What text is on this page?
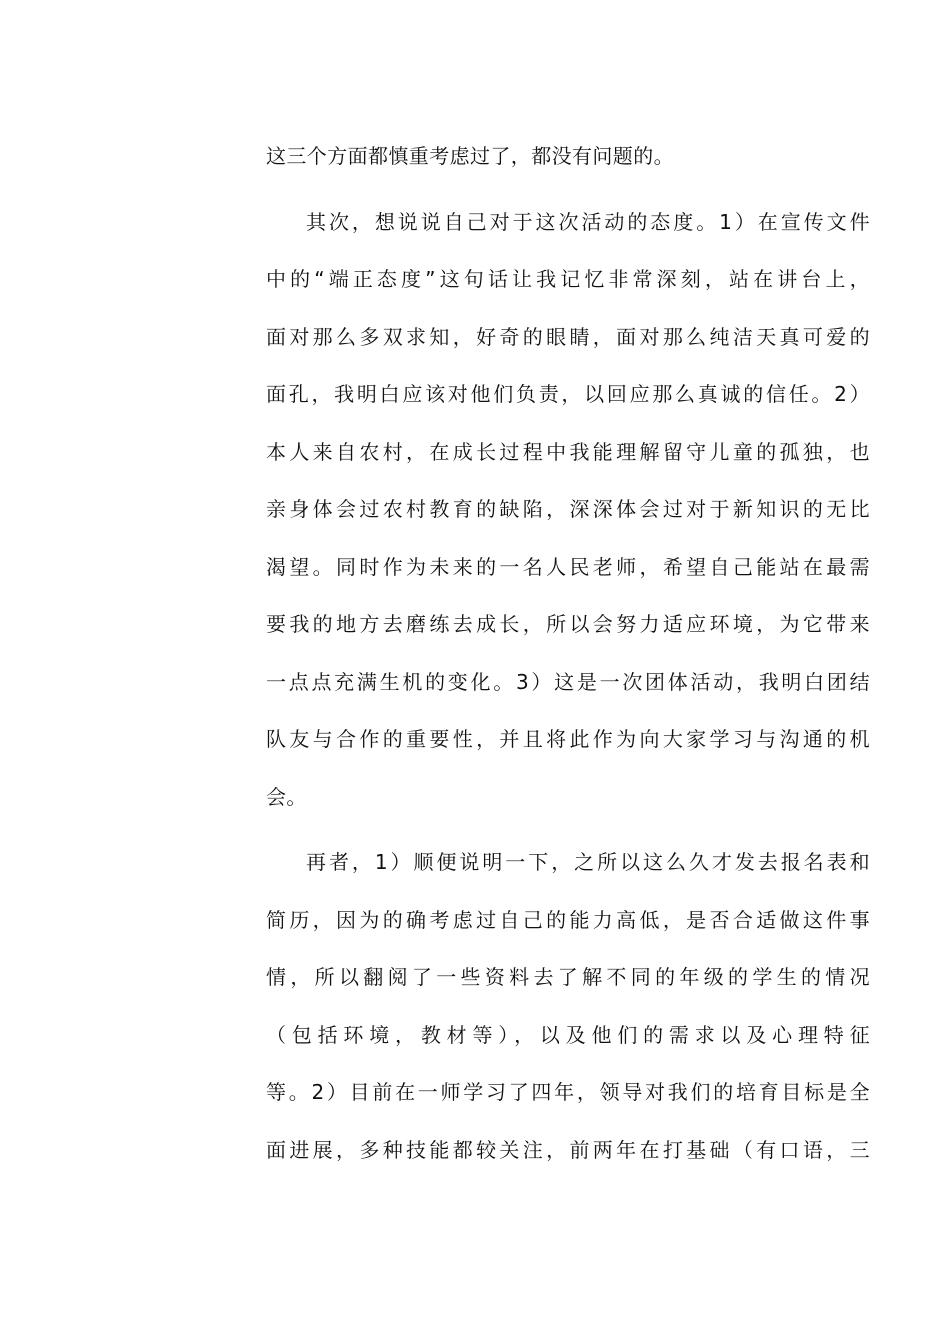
这三个方面都慎重考虑过了，都没有问题的。
其次，想说说自己对于这次活动的态度。1）在宣传文件
中的“端正态度”这句话让我记忆非常深刻，站在讲台上，
面对那么多双求知，好奇的眼睛，面对那么纯洁天真可爱的
面孔，我明白应该对他们负责，以回应那么真诚的信任。2）
本人来自农村，在成长过程中我能理解留守儿童的孤独，也
亲身体会过农村教育的缺陷，深深体会过对于新知识的无比
渴望。同时作为未来的一名人民老师，希望自己能站在最需
要我的地方去磨练去成长，所以会努力适应环境，为它带来
一点点充满生机的变化。3）这是一次团体活动，我明白团结
队友与合作的重要性，并且将此作为向大家学习与沟通的机
会。
再者，1）顺便说明一下，之所以这么久才发去报名表和
简历，因为的确考虑过自己的能力高低，是否合适做这件事
情，所以翻阅了一些资料去了解不同的年级的学生的情况
（包括环境，教材等），以及他们的需求以及心理特征
等。2）目前在一师学习了四年，领导对我们的培育目标是全
面进展，多种技能都较关注，前两年在打基础（有口语，三
